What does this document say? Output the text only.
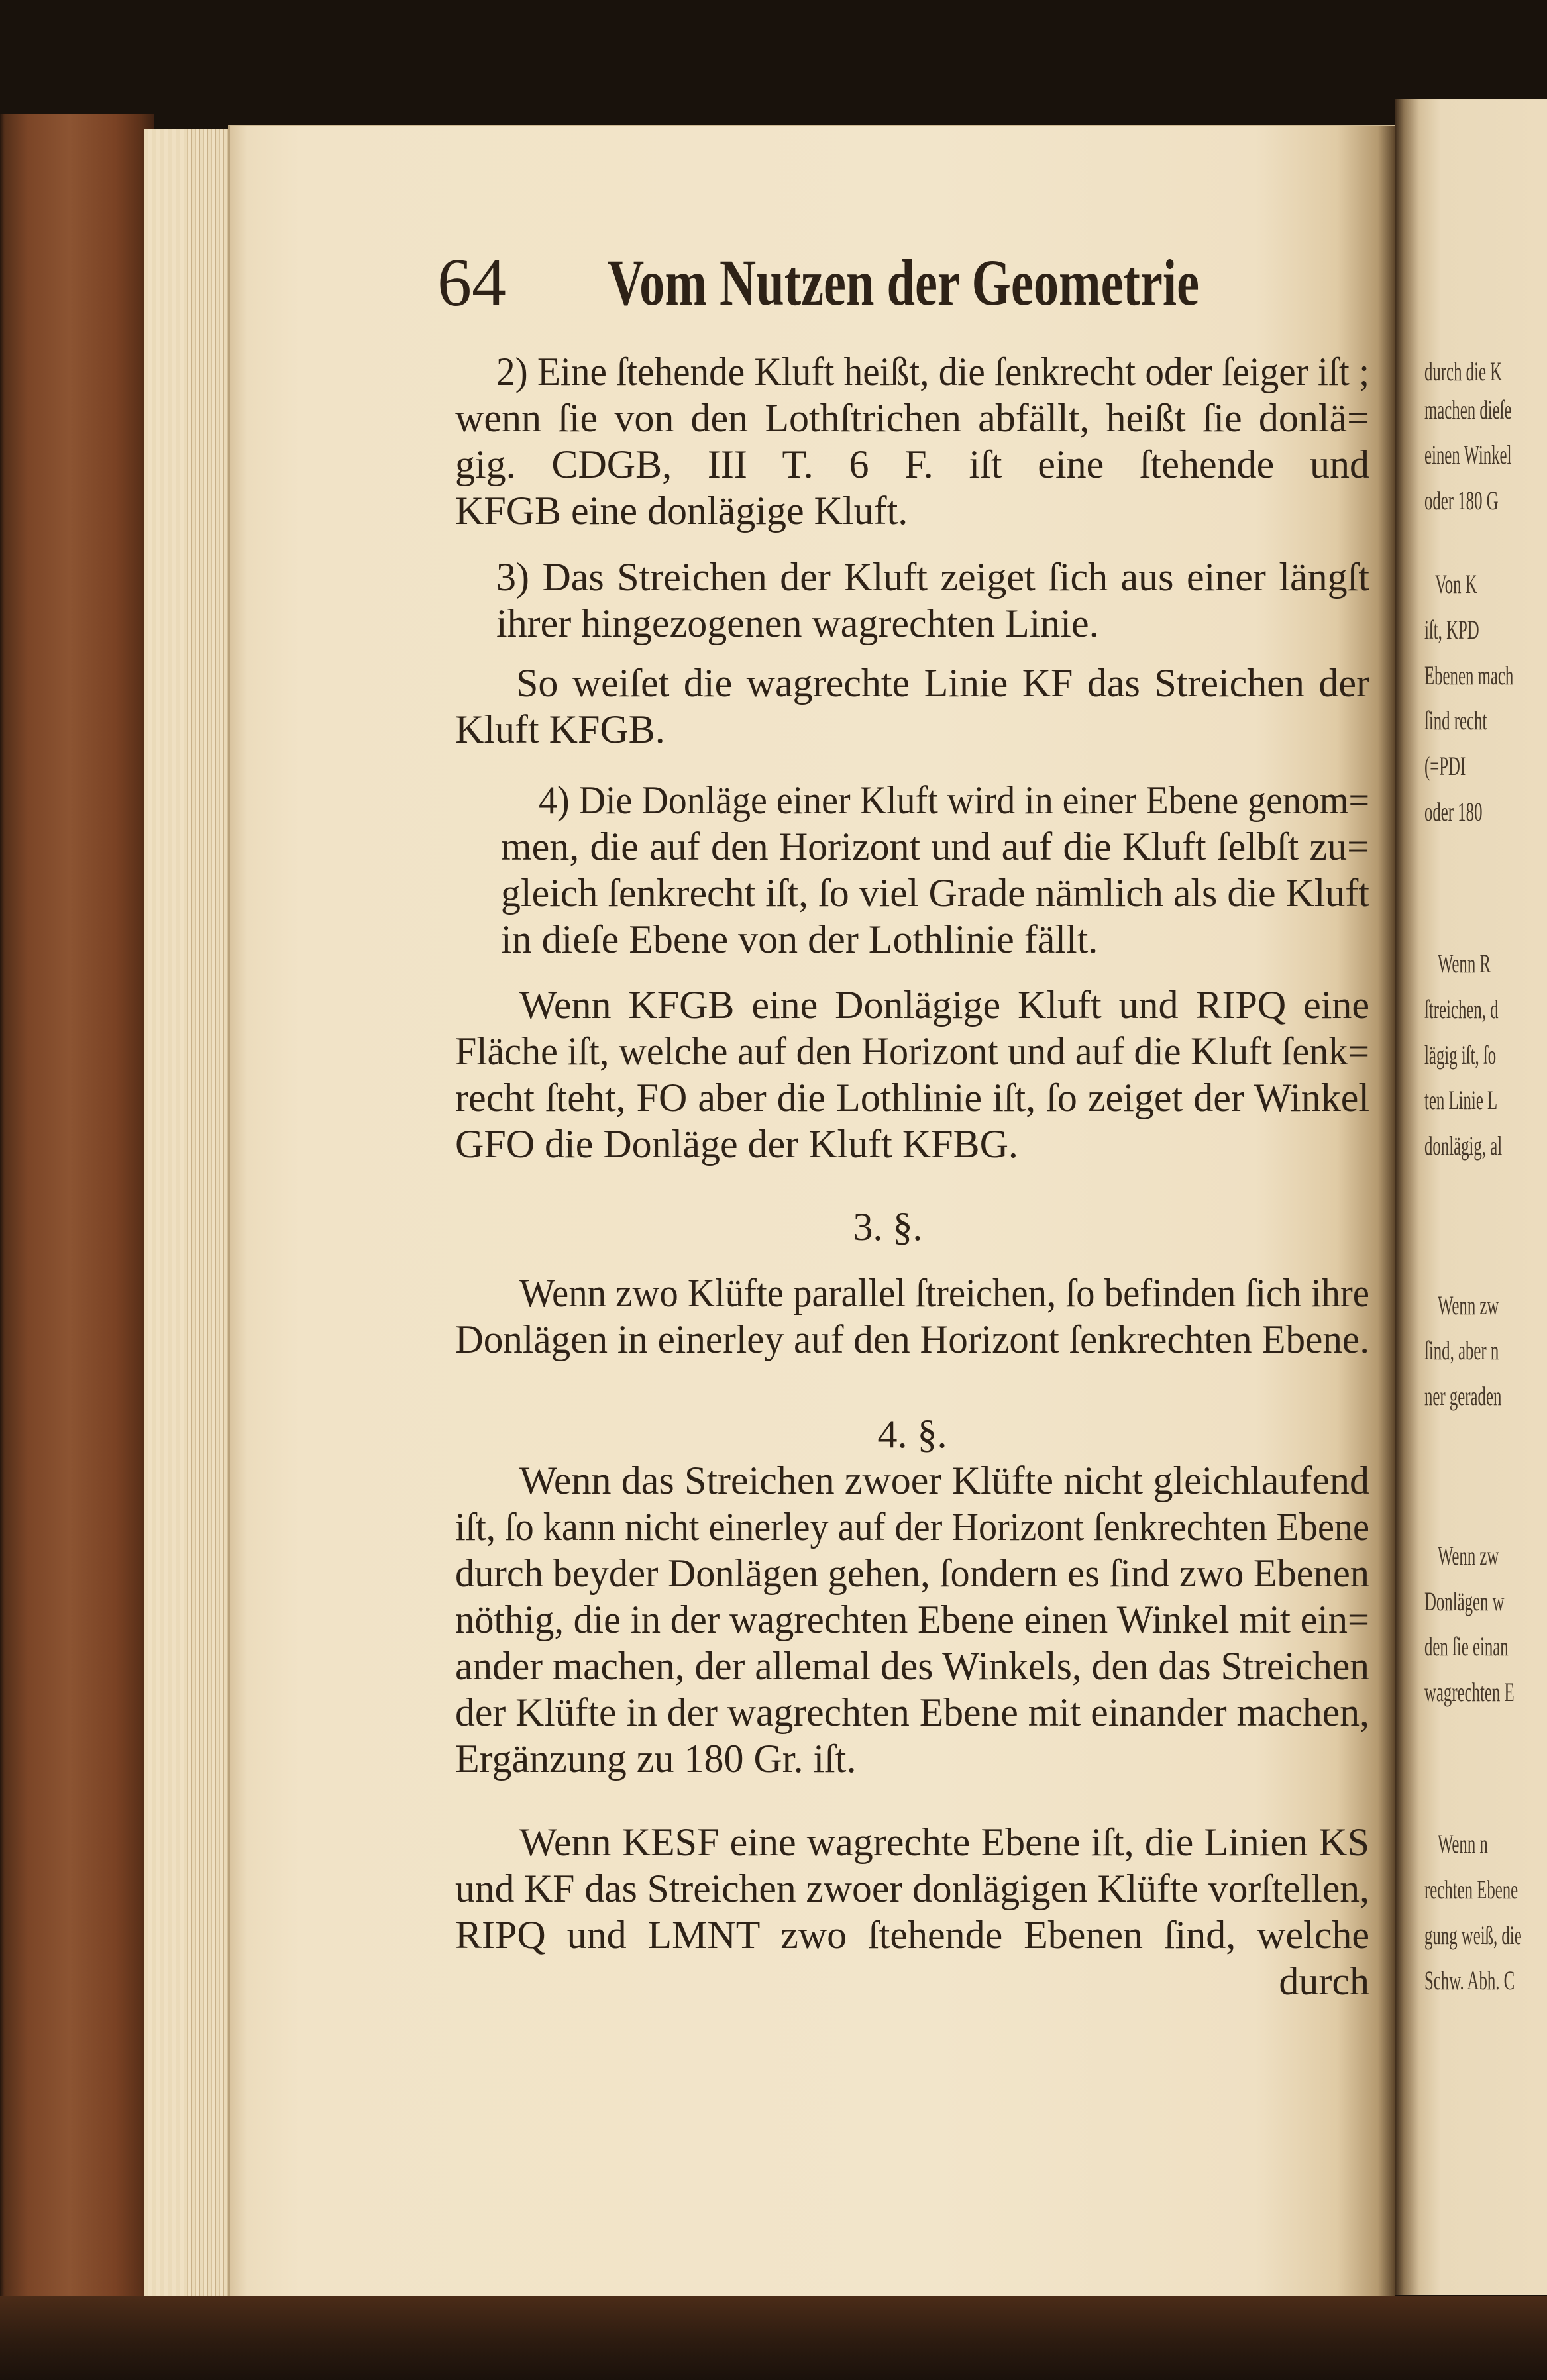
durch die K
machen dieſe
einen Winkel
oder 180 G
Von K
iſt, KPD
Ebenen mach
ſind recht
(=PDI
oder 180
Wenn R
ſtreichen, d
lägig iſt, ſo
ten Linie L
donlägig, al
Wenn zw
ſind, aber n
ner geraden
Wenn zw
Donlägen w
den ſie einan
wagrechten E
Wenn n
rechten Ebene
gung weiß, die
Schw. Abh. C
64 Vom Nutzen der Geometrie
2) Eine ſtehende Kluft heißt, die ſenkrecht oder ſeiger iſt ;
wenn ſie von den Lothſtrichen abfällt, heißt ſie donlä=
gig. CDGB, III T. 6 F. iſt eine ſtehende und
KFGB eine donlägige Kluft.
3) Das Streichen der Kluft zeiget ſich aus einer längſt
ihrer hingezogenen wagrechten Linie.
So weiſet die wagrechte Linie KF das Streichen der
Kluft KFGB.
4) Die Donläge einer Kluft wird in einer Ebene genom=
men, die auf den Horizont und auf die Kluft ſelbſt zu=
gleich ſenkrecht iſt, ſo viel Grade nämlich als die Kluft
in dieſe Ebene von der Lothlinie fällt.
Wenn KFGB eine Donlägige Kluft und RIPQ eine
Fläche iſt, welche auf den Horizont und auf die Kluft ſenk=
recht ſteht, FO aber die Lothlinie iſt, ſo zeiget der Winkel
GFO die Donläge der Kluft KFBG.
3. §.
Wenn zwo Klüfte parallel ſtreichen, ſo befinden ſich ihre
Donlägen in einerley auf den Horizont ſenkrechten Ebene.
4. §.
Wenn das Streichen zwoer Klüfte nicht gleichlaufend
iſt, ſo kann nicht einerley auf der Horizont ſenkrechten Ebene
durch beyder Donlägen gehen, ſondern es ſind zwo Ebenen
nöthig, die in der wagrechten Ebene einen Winkel mit ein=
ander machen, der allemal des Winkels, den das Streichen
der Klüfte in der wagrechten Ebene mit einander machen,
Ergänzung zu 180 Gr. iſt.
Wenn KESF eine wagrechte Ebene iſt, die Linien KS
und KF das Streichen zwoer donlägigen Klüfte vorſtellen,
RIPQ und LMNT zwo ſtehende Ebenen ſind, welche
durch
